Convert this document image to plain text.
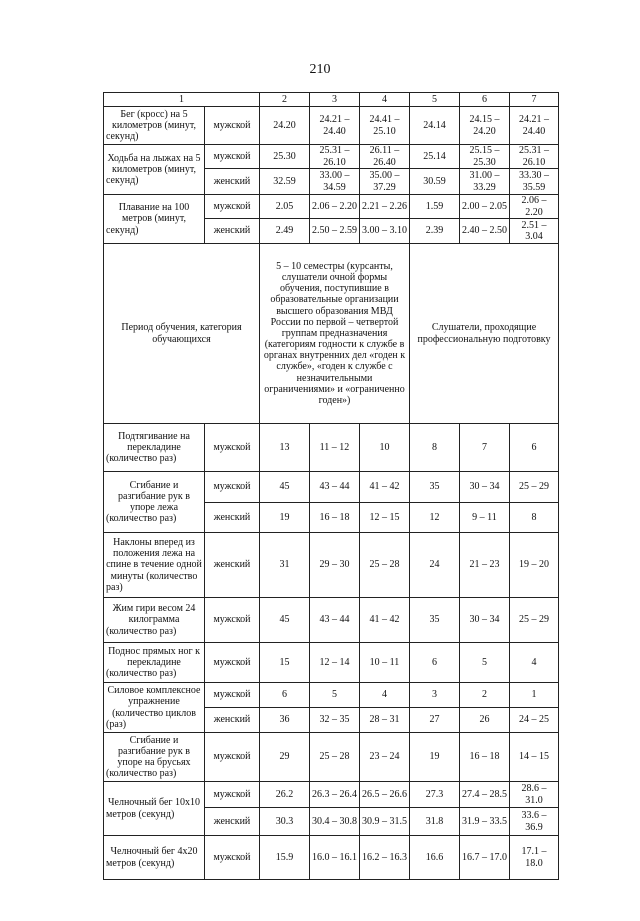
210
1		2	3	4	5	6	7
Бег (кросс) на 5 километров (минут, секунд)	мужской	24.20	24.21 – 24.40	24.41 – 25.10	24.14	24.15 – 24.20	24.21 – 24.40
Ходьба на лыжах на 5 километров (минут, секунд)	мужской	25.30	25.31 – 26.10	26.11 – 26.40	25.14	25.15 – 25.30	25.31 – 26.10
	женский	32.59	33.00 – 34.59	35.00 – 37.29	30.59	31.00 – 33.29	33.30 – 35.59
Плавание на 100 метров (минут, секунд)	мужской	2.05	2.06 – 2.20	2.21 – 2.26	1.59	2.00 – 2.05	2.06 – 2.20
	женский	2.49	2.50 – 2.59	3.00 – 3.10	2.39	2.40 – 2.50	2.51 – 3.04
Период обучения, категория обучающихся		5 – 10 семестры (курсанты, слушатели очной формы обучения, поступившие в образовательные организации высшего образования МВД России по первой – четвертой группам предназначения (категориям годности к службе в органах внутренних дел «годен к службе», «годен к службе с незначительными ограничениями» и «ограниченно годен»)			Слушатели, проходящие профессиональную подготовку		
Подтягивание на перекладине (количество раз)	мужской	13	11 – 12	10	8	7	6
Сгибание и разгибание рук в упоре лежа (количество раз)	мужской	45	43 – 44	41 – 42	35	30 – 34	25 – 29
	женский	19	16 – 18	12 – 15	12	9 – 11	8
Наклоны вперед из положения лежа на спине в течение одной минуты (количество раз)	женский	31	29 – 30	25 – 28	24	21 – 23	19 – 20
Жим гири весом 24 килограмма (количество раз)	мужской	45	43 – 44	41 – 42	35	30 – 34	25 – 29
Поднос прямых ног к перекладине (количество раз)	мужской	15	12 – 14	10 – 11	6	5	4
Силовое комплексное упражнение (количество циклов (раз)	мужской	6	5	4	3	2	1
	женский	36	32 – 35	28 – 31	27	26	24 – 25
Сгибание и разгибание рук в упоре на брусьях (количество раз)	мужской	29	25 – 28	23 – 24	19	16 – 18	14 – 15
Челночный бег 10х10 метров (секунд)	мужской	26.2	26.3 – 26.4	26.5 – 26.6	27.3	27.4 – 28.5	28.6 – 31.0
	женский	30.3	30.4 – 30.8	30.9 – 31.5	31.8	31.9 – 33.5	33.6 – 36.9
Челночный бег 4х20 метров (секунд)	мужской	15.9	16.0 – 16.1	16.2 – 16.3	16.6	16.7 – 17.0	17.1 – 18.0
